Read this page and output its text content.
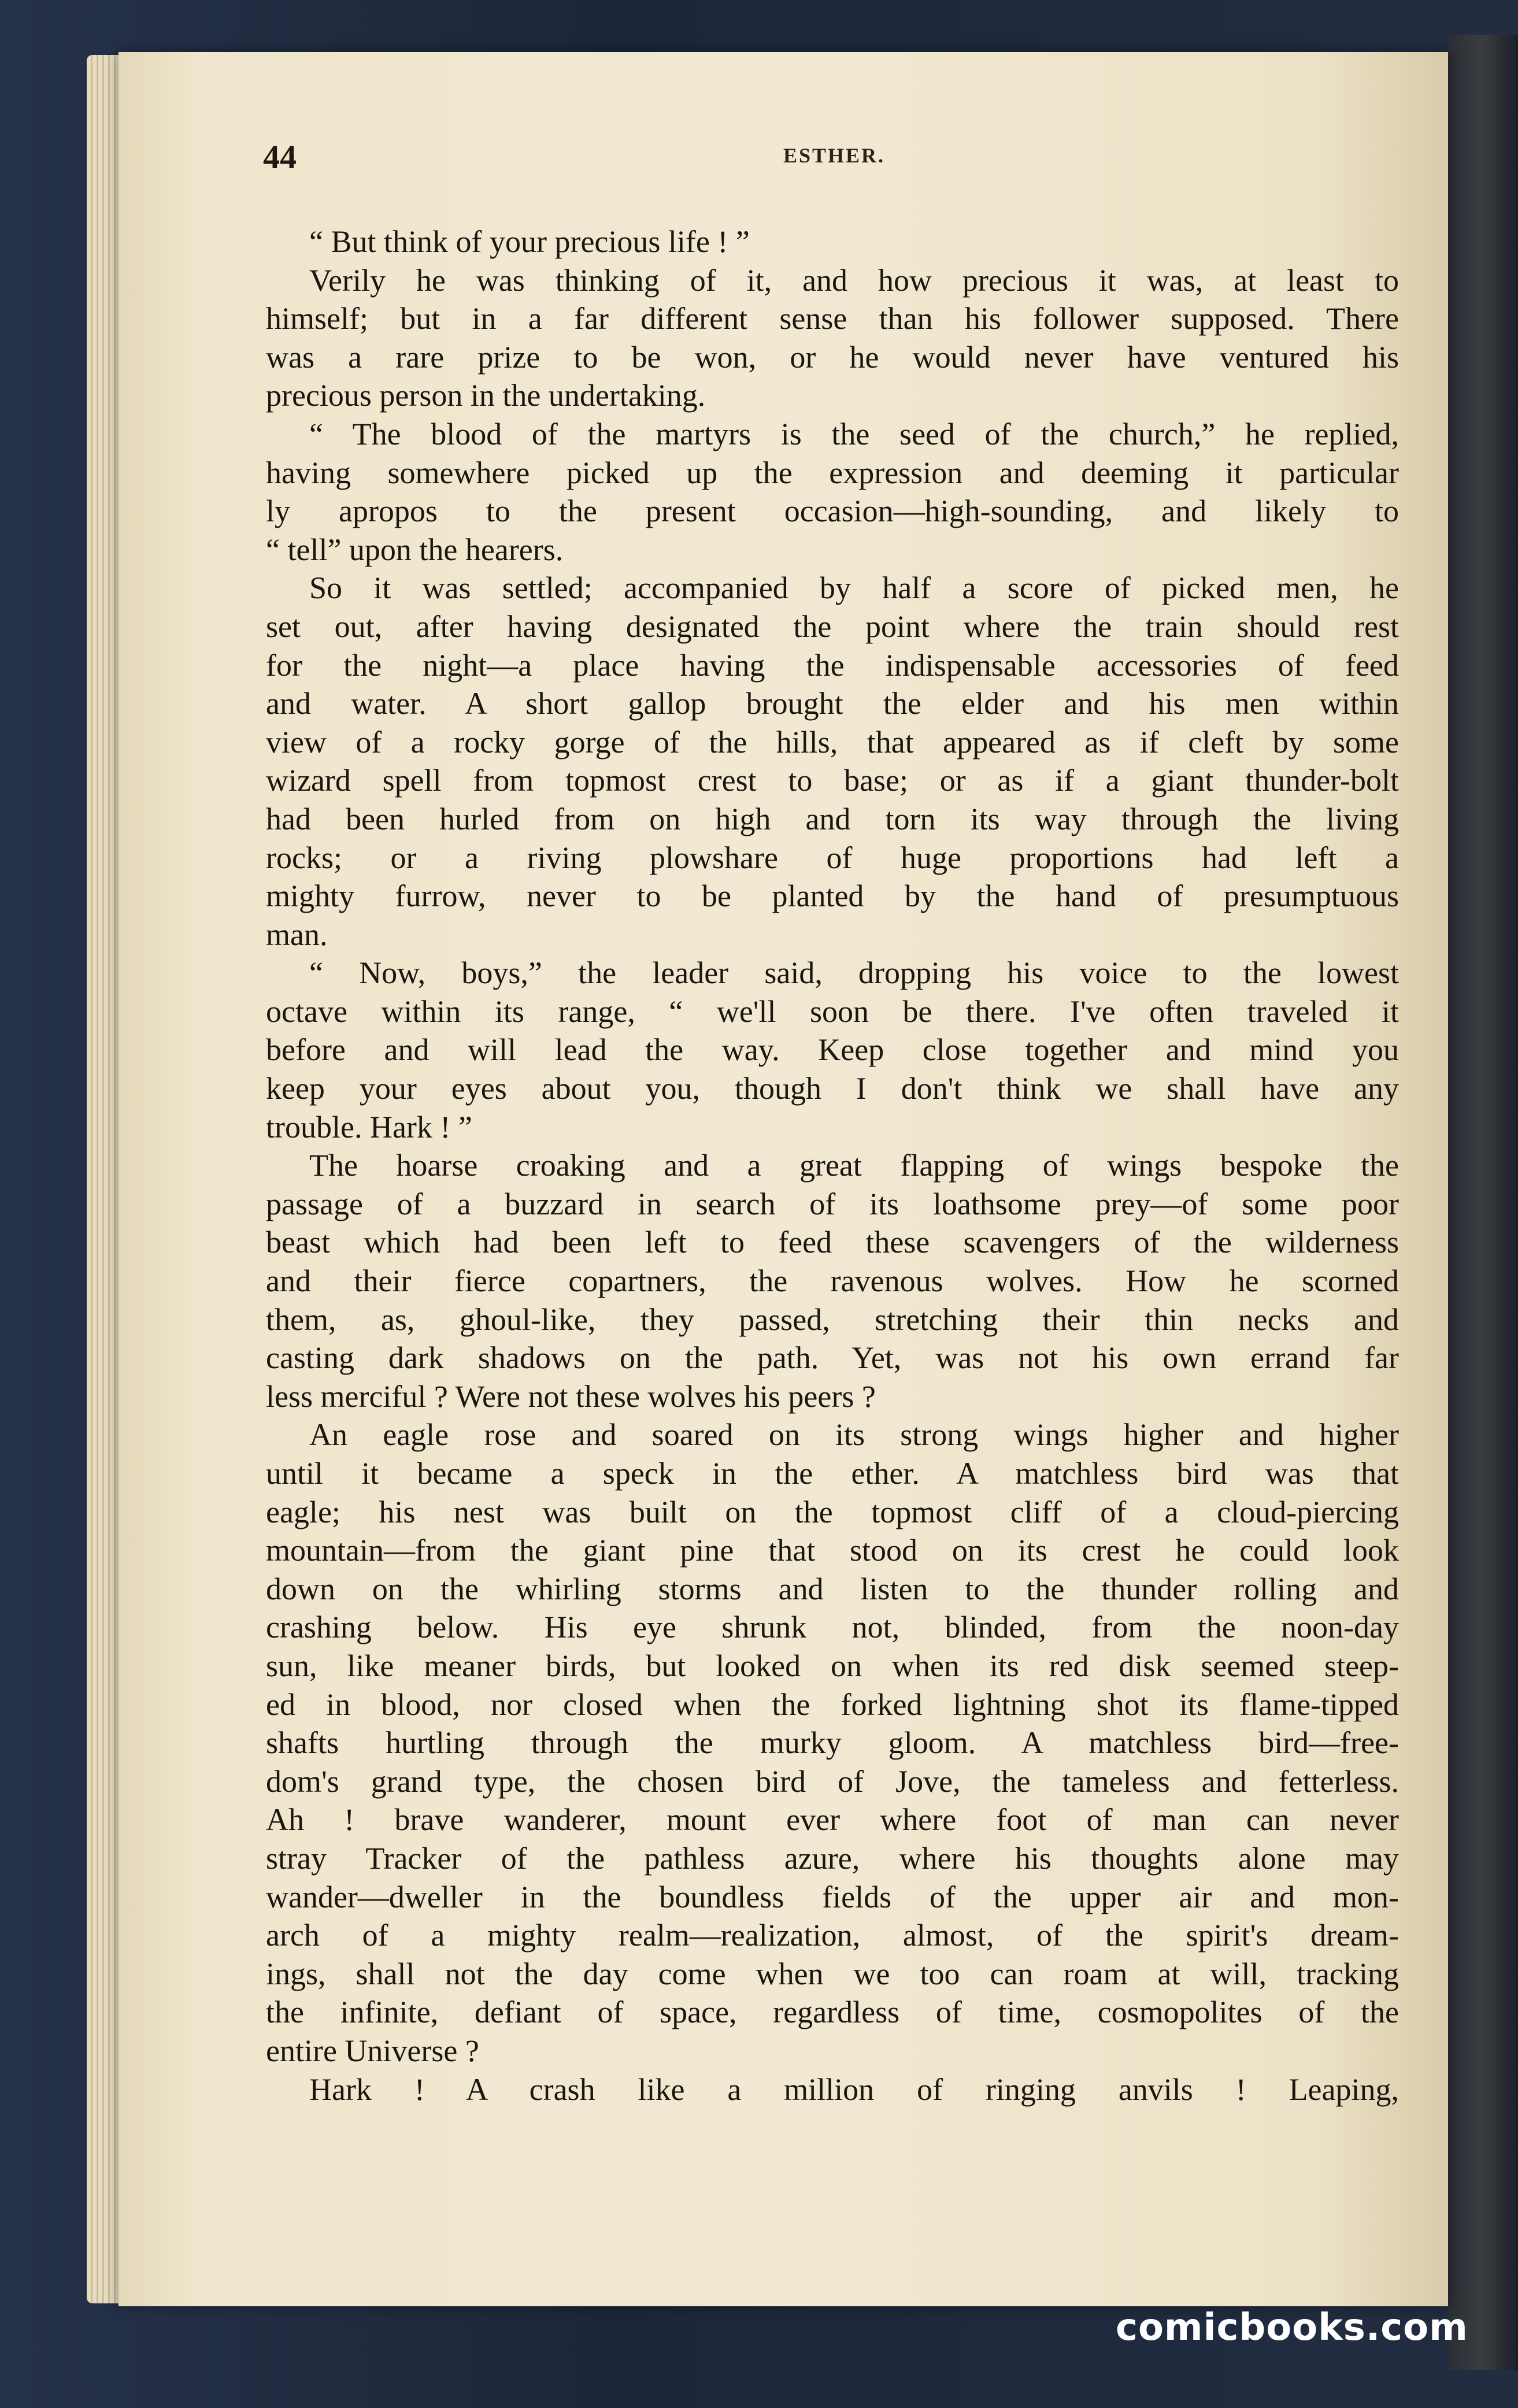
44	ESTHER.
“ But think of your precious life ! ”
Verily he was thinking of it, and how precious it was, at least to
himself; but in a far different sense than his follower supposed. There
was a rare prize to be won, or he would never have ventured his
precious person in the undertaking.
“ The blood of the martyrs is the seed of the church,” he replied,
having somewhere picked up the expression and deeming it particular
ly apropos to the present occasion—high-sounding, and likely to
“ tell” upon the hearers.
So it was settled; accompanied by half a score of picked men, he
set out, after having designated the point where the train should rest
for the night—a place having the indispensable accessories of feed
and water. A short gallop brought the elder and his men within
view of a rocky gorge of the hills, that appeared as if cleft by some
wizard spell from topmost crest to base; or as if a giant thunder-bolt
had been hurled from on high and torn its way through the living
rocks; or a riving plowshare of huge proportions had left a
mighty furrow, never to be planted by the hand of presumptuous
man.
“ Now, boys,” the leader said, dropping his voice to the lowest
octave within its range, “ we'll soon be there. I've often traveled it
before and will lead the way. Keep close together and mind you
keep your eyes about you, though I don't think we shall have any
trouble. Hark ! ”
The hoarse croaking and a great flapping of wings bespoke the
passage of a buzzard in search of its loathsome prey—of some poor
beast which had been left to feed these scavengers of the wilderness
and their fierce copartners, the ravenous wolves. How he scorned
them, as, ghoul-like, they passed, stretching their thin necks and
casting dark shadows on the path. Yet, was not his own errand far
less merciful ? Were not these wolves his peers ?
An eagle rose and soared on its strong wings higher and higher
until it became a speck in the ether. A matchless bird was that
eagle; his nest was built on the topmost cliff of a cloud-piercing
mountain—from the giant pine that stood on its crest he could look
down on the whirling storms and listen to the thunder rolling and
crashing below. His eye shrunk not, blinded, from the noon-day
sun, like meaner birds, but looked on when its red disk seemed steep-
ed in blood, nor closed when the forked lightning shot its flame-tipped
shafts hurtling through the murky gloom. A matchless bird—free-
dom's grand type, the chosen bird of Jove, the tameless and fetterless.
Ah ! brave wanderer, mount ever where foot of man can never
stray Tracker of the pathless azure, where his thoughts alone may
wander—dweller in the boundless fields of the upper air and mon-
arch of a mighty realm—realization, almost, of the spirit's dream-
ings, shall not the day come when we too can roam at will, tracking
the infinite, defiant of space, regardless of time, cosmopolites of the
entire Universe ?
Hark ! A crash like a million of ringing anvils ! Leaping,
comicbooks.com
